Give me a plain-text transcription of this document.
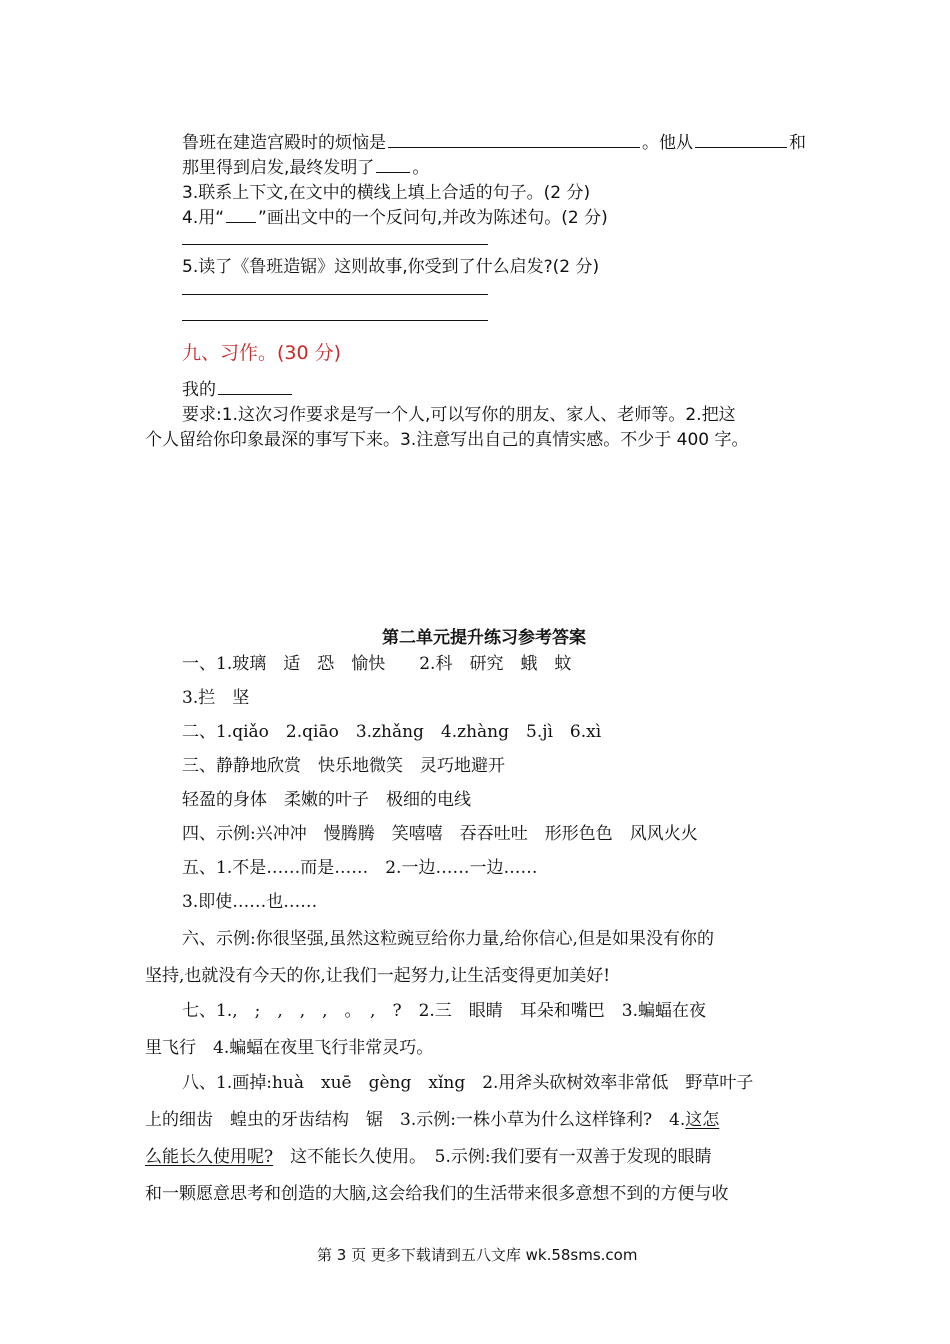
鲁班在建造宫殿时的烦恼是	。他从	和
那里得到启发,最终发明了 。
3.联系上下文,在文中的横线上填上合适的句子。(2 分)
4.用“ ”画出文中的一个反问句,并改为陈述句。(2 分)
5.读了《鲁班造锯》这则故事,你受到了什么启发?(2 分)
九、习作。(30 分)
我的
要求:1.这次习作要求是写一个人,可以写你的朋友、家人、老师等。2.把这
个人留给你印象最深的事写下来。3.注意写出自己的真情实感。不少于 400 字。
第二单元提升练习参考答案
一、1.玻璃　适　恐　愉快　　2.科　研究　蛾　蚊
3.拦　坚
二、1.qiǎo　2.qiāo　3.zhǎng　4.zhàng　5.jì　6.xì
三、静静地欣赏　快乐地微笑　灵巧地避开
轻盈的身体　柔嫩的叶子　极细的电线
四、示例:兴冲冲　慢腾腾　笑嘻嘻　吞吞吐吐　形形色色　风风火火
五、1.不是……而是……　2.一边……一边……
3.即使……也……
六、示例:你很坚强,虽然这粒豌豆给你力量,给你信心,但是如果没有你的
坚持,也就没有今天的你,让我们一起努力,让生活变得更加美好!
七、1.,　;　,　,　,　。　,　?　2.三　眼睛　耳朵和嘴巴　3.蝙蝠在夜
里飞行　4.蝙蝠在夜里飞行非常灵巧。
八、1.画掉:huà　xuē　gèng　xǐng　2.用斧头砍树效率非常低　野草叶子
上的细齿　蝗虫的牙齿结构　锯　3.示例:一株小草为什么这样锋利?　4.这怎
么能长久使用呢?　这不能长久使用。　5.示例:我们要有一双善于发现的眼睛
和一颗愿意思考和创造的大脑,这会给我们的生活带来很多意想不到的方便与收
第 3 页 更多下载请到五八文库 wk.58sms.com
